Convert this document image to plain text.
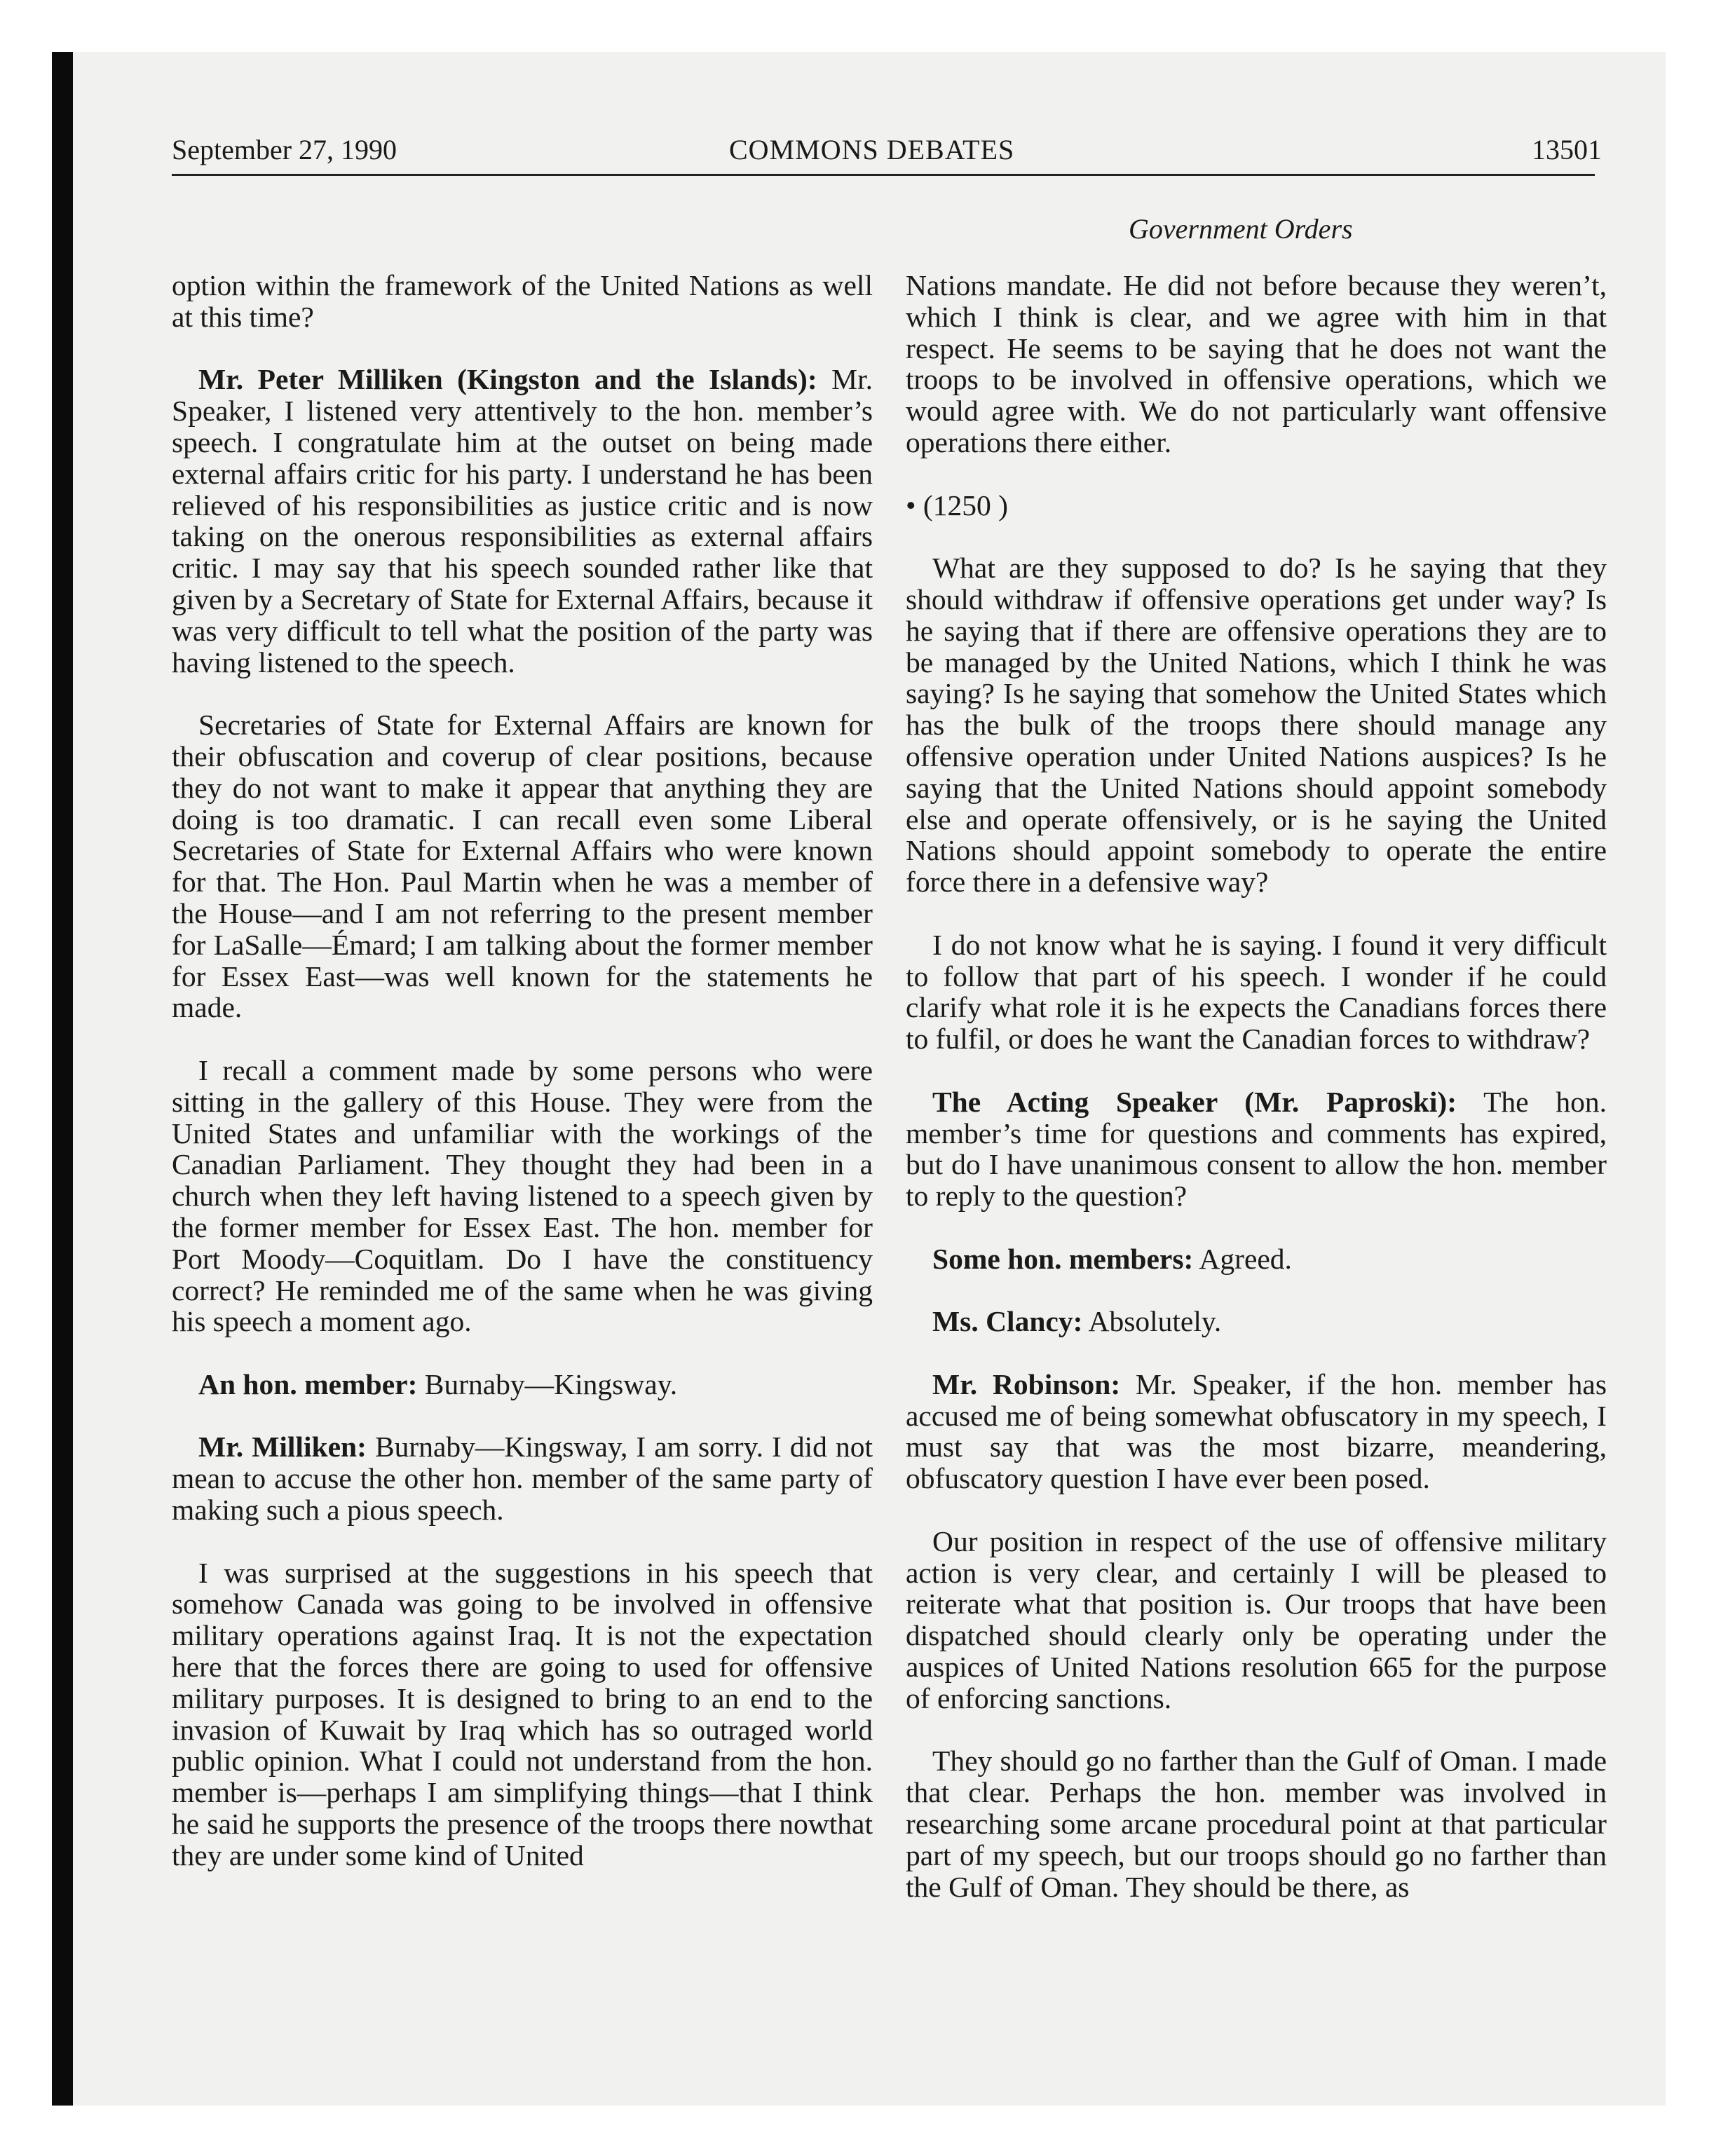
September 27, 1990	COMMONS DEBATES	13501
Government Orders

option within the framework of the United Nations as well at this time?

Mr. Peter Milliken (Kingston and the Islands): Mr. Speaker, I listened very attentively to the hon. member’s speech. I congratulate him at the outset on being made external affairs critic for his party. I understand he has been relieved of his responsibilities as justice critic and is now taking on the onerous responsibilities as external affairs critic. I may say that his speech sounded rather like that given by a Secretary of State for External Affairs, because it was very difficult to tell what the position of the party was having listened to the speech.

Secretaries of State for External Affairs are known for their obfuscation and coverup of clear positions, because they do not want to make it appear that anything they are doing is too dramatic. I can recall even some Liberal Secretaries of State for External Affairs who were known for that. The Hon. Paul Martin when he was a member of the House—and I am not referring to the present member for LaSalle—Émard; I am talking about the former member for Essex East—was well known for the statements he made.

I recall a comment made by some persons who were sitting in the gallery of this House. They were from the United States and unfamiliar with the workings of the Canadian Parliament. They thought they had been in a church when they left having listened to a speech given by the former member for Essex East. The hon. member for Port Moody—Coquitlam. Do I have the constituency correct? He reminded me of the same when he was giving his speech a moment ago.

An hon. member: Burnaby—Kingsway.

Mr. Milliken: Burnaby—Kingsway, I am sorry. I did not mean to accuse the other hon. member of the same party of making such a pious speech.

I was surprised at the suggestions in his speech that somehow Canada was going to be involved in offensive military operations against Iraq. It is not the expectation here that the forces there are going to used for offensive military purposes. It is designed to bring to an end to the invasion of Kuwait by Iraq which has so outraged world public opinion. What I could not understand from the hon. member is—perhaps I am simplifying things—that I think he said he supports the presence of the troops there nowthat they are under some kind of United

Nations mandate. He did not before because they weren’t, which I think is clear, and we agree with him in that respect. He seems to be saying that he does not want the troops to be involved in offensive operations, which we would agree with. We do not particularly want offensive operations there either.

• (1250 )

What are they supposed to do? Is he saying that they should withdraw if offensive operations get under way? Is he saying that if there are offensive operations they are to be managed by the United Nations, which I think he was saying? Is he saying that somehow the United States which has the bulk of the troops there should manage any offensive operation under United Nations auspices? Is he saying that the United Nations should appoint somebody else and operate offensively, or is he saying the United Nations should appoint somebody to operate the entire force there in a defensive way?

I do not know what he is saying. I found it very difficult to follow that part of his speech. I wonder if he could clarify what role it is he expects the Canadians forces there to fulfil, or does he want the Canadian forces to withdraw?

The Acting Speaker (Mr. Paproski): The hon. member’s time for questions and comments has expired, but do I have unanimous consent to allow the hon. member to reply to the question?

Some hon. members: Agreed.

Ms. Clancy: Absolutely.

Mr. Robinson: Mr. Speaker, if the hon. member has accused me of being somewhat obfuscatory in my speech, I must say that was the most bizarre, meandering, obfuscatory question I have ever been posed.

Our position in respect of the use of offensive military action is very clear, and certainly I will be pleased to reiterate what that position is. Our troops that have been dispatched should clearly only be operating under the auspices of United Nations resolution 665 for the purpose of enforcing sanctions.

They should go no farther than the Gulf of Oman. I made that clear. Perhaps the hon. member was involved in researching some arcane procedural point at that particular part of my speech, but our troops should go no farther than the Gulf of Oman. They should be there, as
